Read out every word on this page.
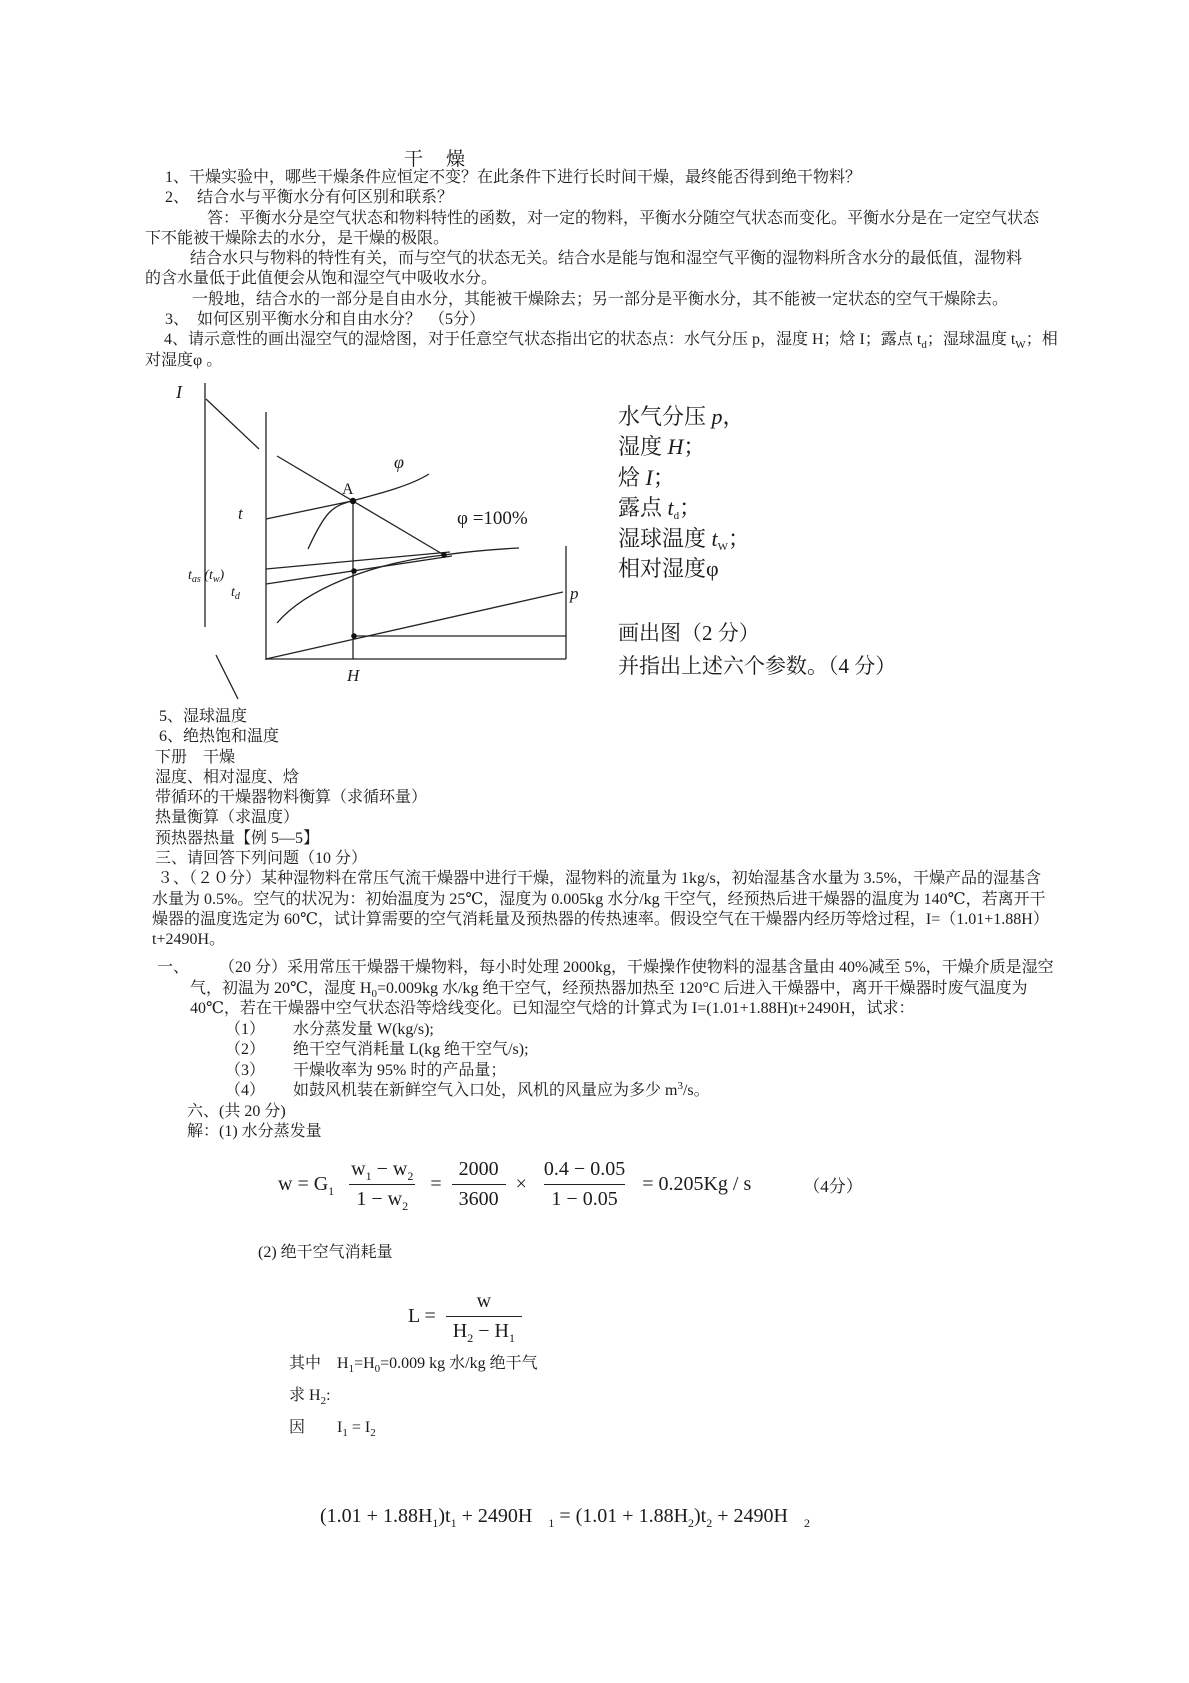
干　燥
1、干燥实验中，哪些干燥条件应恒定不变？在此条件下进行长时间干燥，最终能否得到绝干物料？
2、　结合水与平衡水分有何区别和联系？
答：平衡水分是空气状态和物料特性的函数，对一定的物料，平衡水分随空气状态而变化。平衡水分是在一定空气状态
下不能被干燥除去的水分，是干燥的极限。
结合水只与物料的特性有关，而与空气的状态无关。结合水是能与饱和湿空气平衡的湿物料所含水分的最低值，湿物料
的含水量低于此值便会从饱和湿空气中吸收水分。
一般地，结合水的一部分是自由水分，其能被干燥除去；另一部分是平衡水分，其不能被一定状态的空气干燥除去。
3、　如何区别平衡水分和自由水分？　（5分）
4、请示意性的画出湿空气的湿焓图，对于任意空气状态指出它的状态点：水气分压 p，湿度 H；焓 I；露点 $t_d$；湿球温度 $t_W$；相
对湿度φ 。
I
A
t
φ
φ =100%
$t_{as}$ $(t_w)$
$t_d$	p
H
水气分压 p，
湿度 H；
焓 I；
露点 $t_d$；
湿球温度 $t_W$；
相对湿度φ
画出图（2 分）
并指出上述六个参数。（4 分）
5、湿球温度
6、绝热饱和温度
下册　干燥
湿度、相对湿度、焓
带循环的干燥器物料衡算（求循环量）
热量衡算（求温度）
预热器热量【例 5—5】
三、请回答下列问题（10 分）
３、（２０分）某种湿物料在常压气流干燥器中进行干燥，湿物料的流量为 1kg/s，初始湿基含水量为 3.5%，干燥产品的湿基含
水量为 0.5%。空气的状况为：初始温度为 25℃，湿度为 0.005kg 水分/kg 干空气，经预热后进干燥器的温度为 140℃，若离开干
燥器的温度选定为 60℃，试计算需要的空气消耗量及预热器的传热速率。假设空气在干燥器内经历等焓过程，I=（1.01+1.88H）
t+2490H。
一、 （20 分）采用常压干燥器干燥物料，每小时处理 2000kg，干燥操作使物料的湿基含量由 40%减至 5%，干燥介质是湿空
气，初温为 20℃，湿度 $H_0=0.009kg$ 水/kg 绝干空气，经预热器加热至 120°C 后进入干燥器中，离开干燥器时废气温度为
40℃，若在干燥器中空气状态沿等焓线变化。已知湿空气焓的计算式为 I=(1.01+1.88H)t+2490H，试求：
（1） 水分蒸发量 W(kg/s);
（2） 绝干空气消耗量 L(kg 绝干空气/s);
（3） 干燥收率为 95% 时的产品量；
（4） 如鼓风机装在新鲜空气入口处，风机的风量应为多少 $m^3/s$。
六、(共 20 分)
解：(1) 水分蒸发量
$w = G_1 \frac{w_1 - w_2}{1 - w_2} = \frac{2000}{3600} \times \frac{0.4 - 0.05}{1 - 0.05} = 0.205Kg / s$	（4分）
(2) 绝干空气消耗量
$L = \frac{w}{H_2 - H_1}$
其中　$H_1=H_0=0.009$ kg 水/kg 绝干气
求 $H_2$:
因　　$I_1 = I_2$

$(1.01 + 1.88H_1)t_1 + 2490H$ $_1 = (1.01 + 1.88H_2)t_2 + 2490H$ $_2$
